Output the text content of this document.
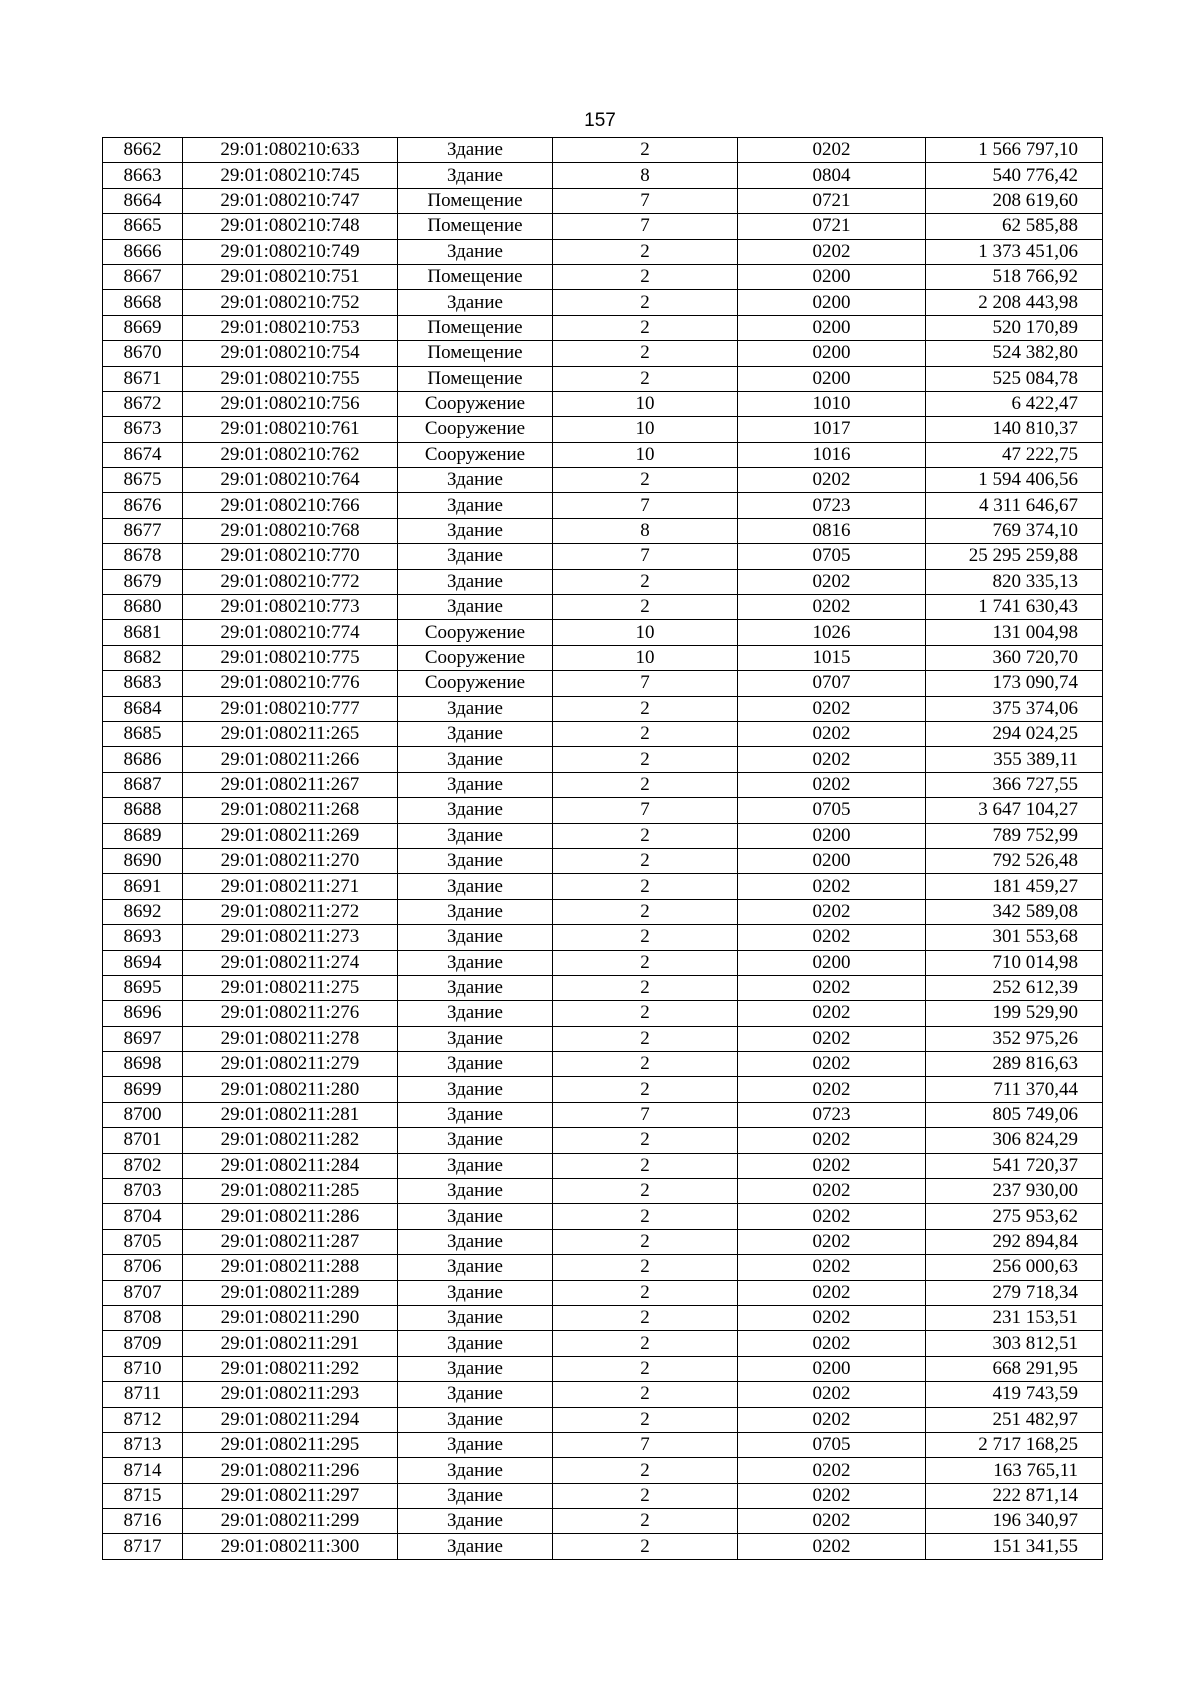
157
8662	29:01:080210:633	Здание	2	0202	1 566 797,10
8663	29:01:080210:745	Здание	8	0804	540 776,42
8664	29:01:080210:747	Помещение	7	0721	208 619,60
8665	29:01:080210:748	Помещение	7	0721	62 585,88
8666	29:01:080210:749	Здание	2	0202	1 373 451,06
8667	29:01:080210:751	Помещение	2	0200	518 766,92
8668	29:01:080210:752	Здание	2	0200	2 208 443,98
8669	29:01:080210:753	Помещение	2	0200	520 170,89
8670	29:01:080210:754	Помещение	2	0200	524 382,80
8671	29:01:080210:755	Помещение	2	0200	525 084,78
8672	29:01:080210:756	Сооружение	10	1010	6 422,47
8673	29:01:080210:761	Сооружение	10	1017	140 810,37
8674	29:01:080210:762	Сооружение	10	1016	47 222,75
8675	29:01:080210:764	Здание	2	0202	1 594 406,56
8676	29:01:080210:766	Здание	7	0723	4 311 646,67
8677	29:01:080210:768	Здание	8	0816	769 374,10
8678	29:01:080210:770	Здание	7	0705	25 295 259,88
8679	29:01:080210:772	Здание	2	0202	820 335,13
8680	29:01:080210:773	Здание	2	0202	1 741 630,43
8681	29:01:080210:774	Сооружение	10	1026	131 004,98
8682	29:01:080210:775	Сооружение	10	1015	360 720,70
8683	29:01:080210:776	Сооружение	7	0707	173 090,74
8684	29:01:080210:777	Здание	2	0202	375 374,06
8685	29:01:080211:265	Здание	2	0202	294 024,25
8686	29:01:080211:266	Здание	2	0202	355 389,11
8687	29:01:080211:267	Здание	2	0202	366 727,55
8688	29:01:080211:268	Здание	7	0705	3 647 104,27
8689	29:01:080211:269	Здание	2	0200	789 752,99
8690	29:01:080211:270	Здание	2	0200	792 526,48
8691	29:01:080211:271	Здание	2	0202	181 459,27
8692	29:01:080211:272	Здание	2	0202	342 589,08
8693	29:01:080211:273	Здание	2	0202	301 553,68
8694	29:01:080211:274	Здание	2	0200	710 014,98
8695	29:01:080211:275	Здание	2	0202	252 612,39
8696	29:01:080211:276	Здание	2	0202	199 529,90
8697	29:01:080211:278	Здание	2	0202	352 975,26
8698	29:01:080211:279	Здание	2	0202	289 816,63
8699	29:01:080211:280	Здание	2	0202	711 370,44
8700	29:01:080211:281	Здание	7	0723	805 749,06
8701	29:01:080211:282	Здание	2	0202	306 824,29
8702	29:01:080211:284	Здание	2	0202	541 720,37
8703	29:01:080211:285	Здание	2	0202	237 930,00
8704	29:01:080211:286	Здание	2	0202	275 953,62
8705	29:01:080211:287	Здание	2	0202	292 894,84
8706	29:01:080211:288	Здание	2	0202	256 000,63
8707	29:01:080211:289	Здание	2	0202	279 718,34
8708	29:01:080211:290	Здание	2	0202	231 153,51
8709	29:01:080211:291	Здание	2	0202	303 812,51
8710	29:01:080211:292	Здание	2	0200	668 291,95
8711	29:01:080211:293	Здание	2	0202	419 743,59
8712	29:01:080211:294	Здание	2	0202	251 482,97
8713	29:01:080211:295	Здание	7	0705	2 717 168,25
8714	29:01:080211:296	Здание	2	0202	163 765,11
8715	29:01:080211:297	Здание	2	0202	222 871,14
8716	29:01:080211:299	Здание	2	0202	196 340,97
8717	29:01:080211:300	Здание	2	0202	151 341,55
